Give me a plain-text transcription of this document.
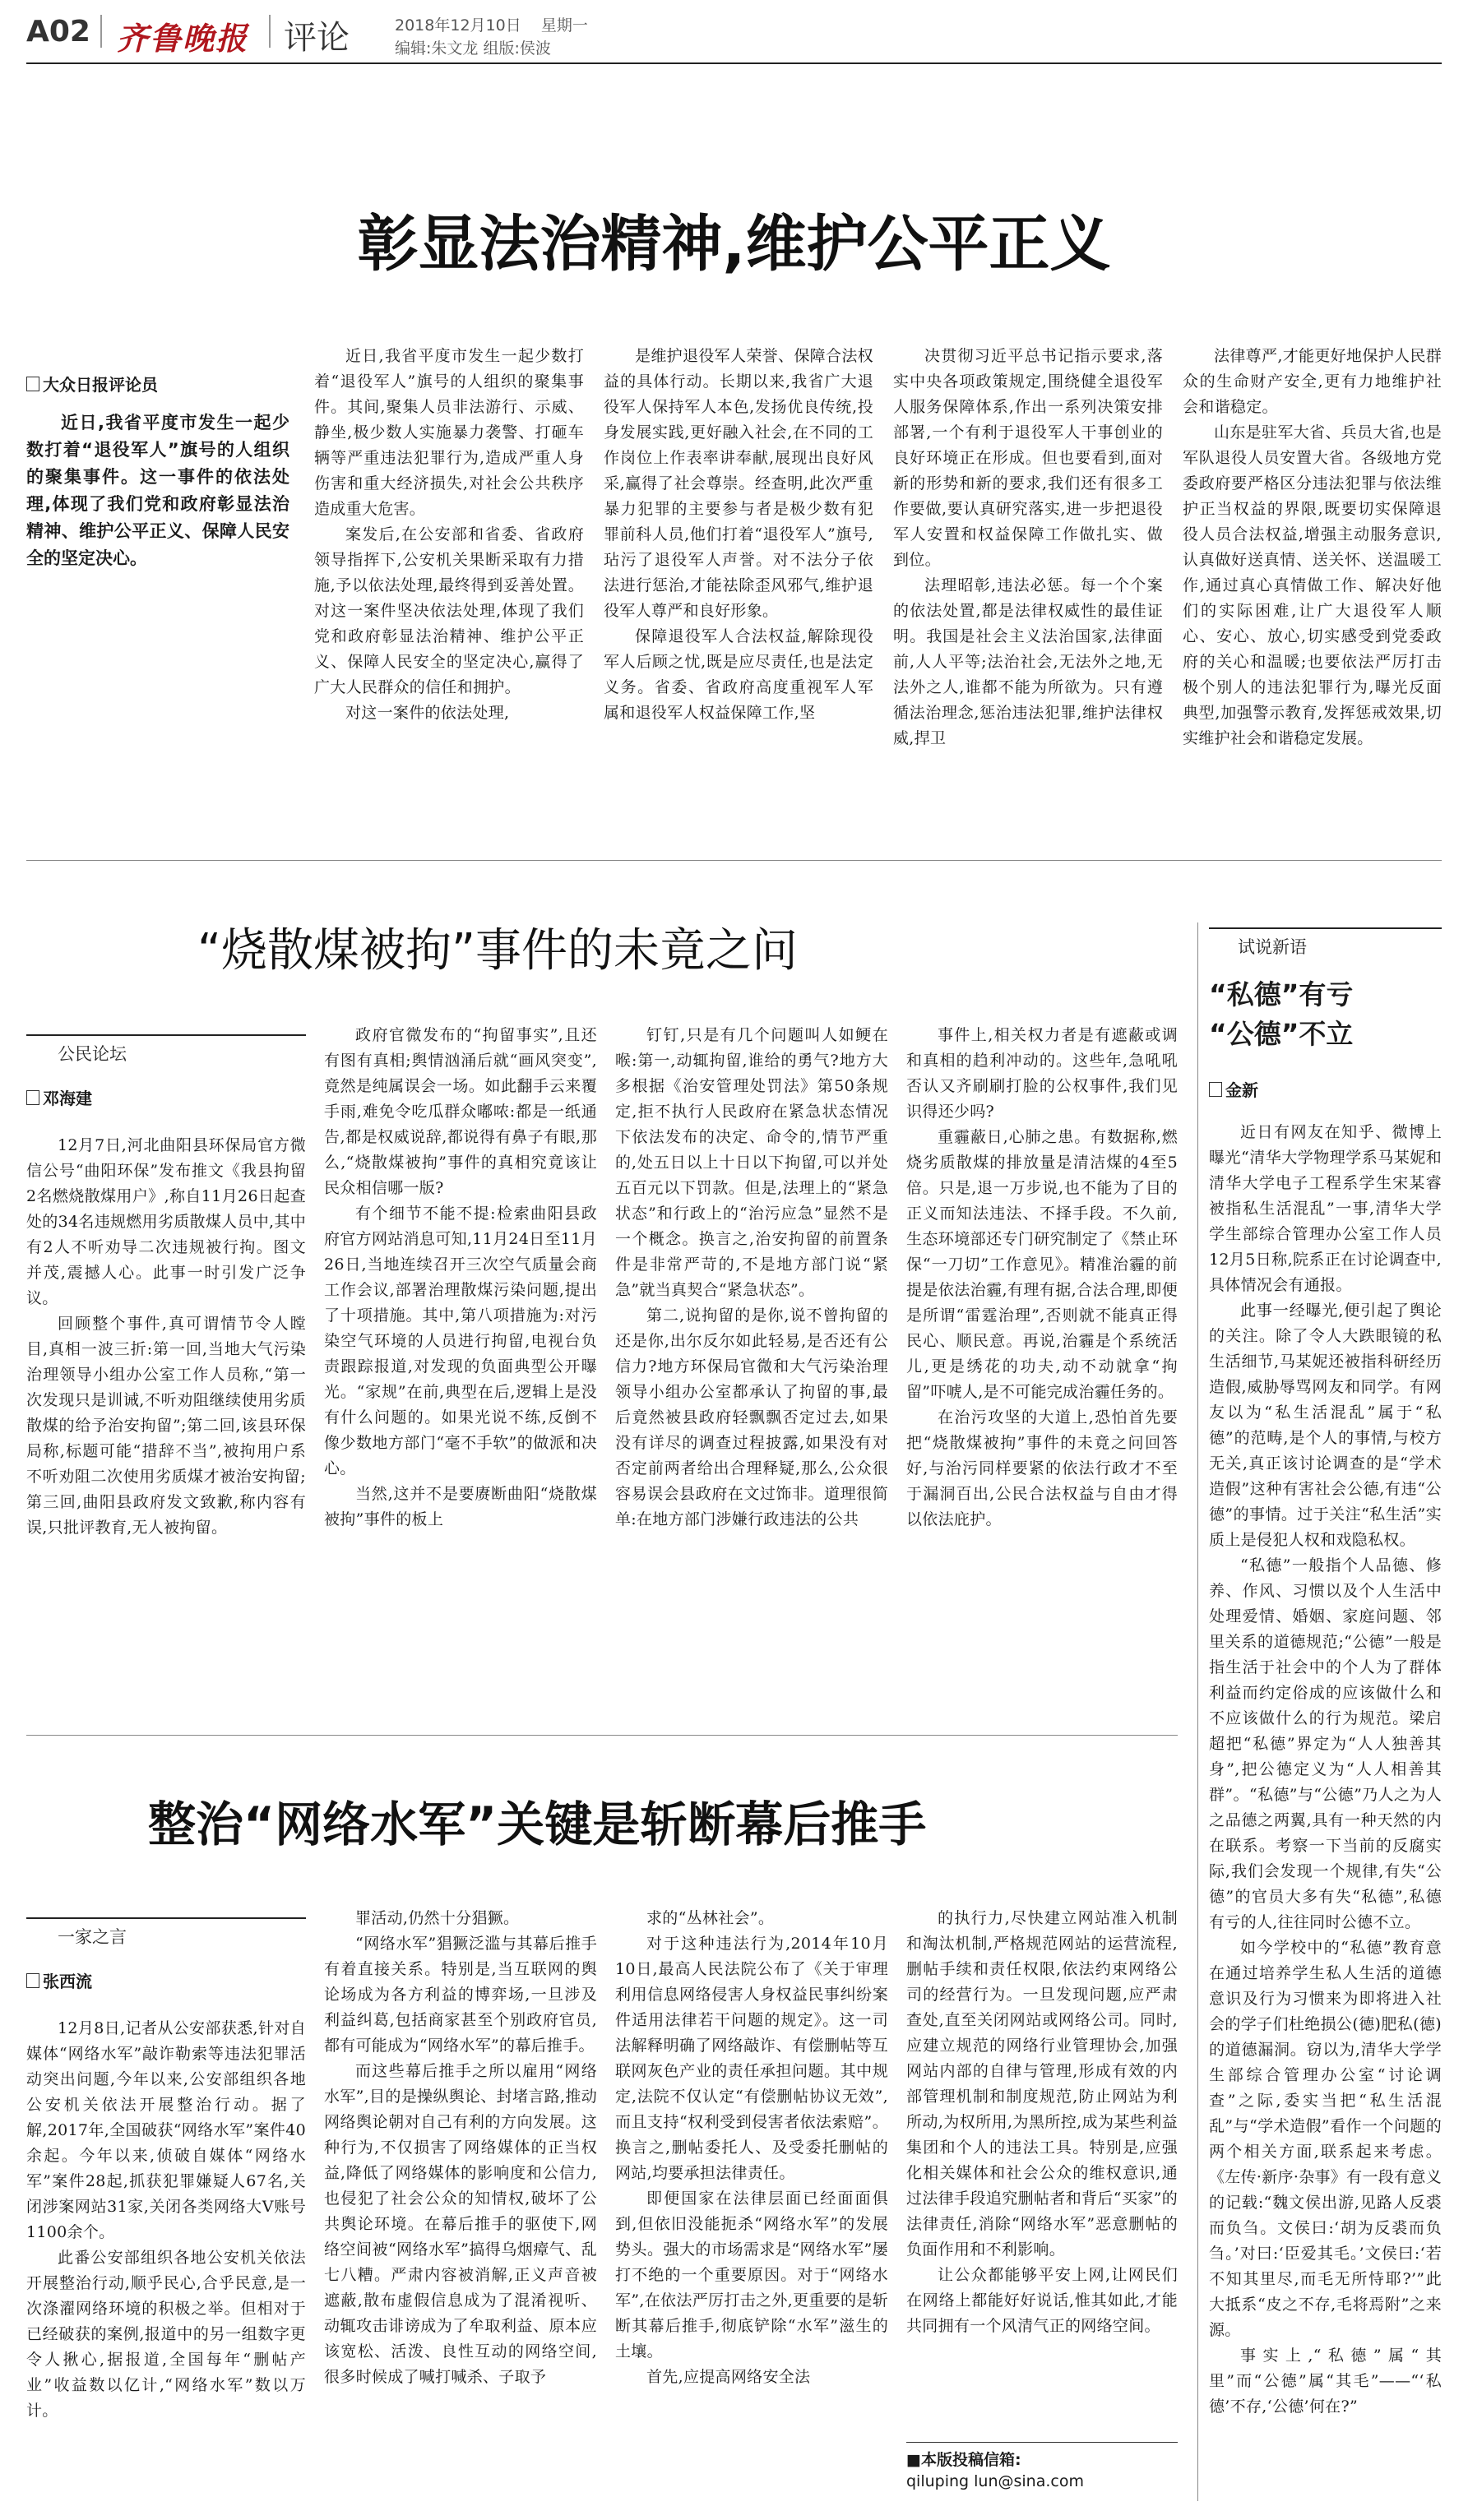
A02 齐鲁晚报 评论	2018年12月10日 星期一
编辑:朱文龙 组版:侯波
彰显法治精神,维护公平正义
大众日报评论员

近日,我省平度市发生一起少数打着“退役军人”旗号的人组织的聚集事件。这一事件的依法处理,体现了我们党和政府彰显法治精神、维护公平正义、保障人民安全的坚定决心。

近日,我省平度市发生一起少数打着“退役军人”旗号的人组织的聚集事件。其间,聚集人员非法游行、示威、静坐,极少数人实施暴力袭警、打砸车辆等严重违法犯罪行为,造成严重人身伤害和重大经济损失,对社会公共秩序造成重大危害。

案发后,在公安部和省委、省政府领导指挥下,公安机关果断采取有力措施,予以依法处理,最终得到妥善处置。对这一案件坚决依法处理,体现了我们党和政府彰显法治精神、维护公平正义、保障人民安全的坚定决心,赢得了广大人民群众的信任和拥护。

对这一案件的依法处理,

是维护退役军人荣誉、保障合法权益的具体行动。长期以来,我省广大退役军人保持军人本色,发扬优良传统,投身发展实践,更好融入社会,在不同的工作岗位上作表率讲奉献,展现出良好风采,赢得了社会尊崇。经查明,此次严重暴力犯罪的主要参与者是极少数有犯罪前科人员,他们打着“退役军人”旗号,玷污了退役军人声誉。对不法分子依法进行惩治,才能祛除歪风邪气,维护退役军人尊严和良好形象。

保障退役军人合法权益,解除现役军人后顾之忧,既是应尽责任,也是法定义务。省委、省政府高度重视军人军属和退役军人权益保障工作,坚

决贯彻习近平总书记指示要求,落实中央各项政策规定,围绕健全退役军人服务保障体系,作出一系列决策安排部署,一个有利于退役军人干事创业的良好环境正在形成。但也要看到,面对新的形势和新的要求,我们还有很多工作要做,要认真研究落实,进一步把退役军人安置和权益保障工作做扎实、做到位。

法理昭彰,违法必惩。每一个个案的依法处置,都是法律权威性的最佳证明。我国是社会主义法治国家,法律面前,人人平等;法治社会,无法外之地,无法外之人,谁都不能为所欲为。只有遵循法治理念,惩治违法犯罪,维护法律权威,捍卫

法律尊严,才能更好地保护人民群众的生命财产安全,更有力地维护社会和谐稳定。

山东是驻军大省、兵员大省,也是军队退役人员安置大省。各级地方党委政府要严格区分违法犯罪与依法维护正当权益的界限,既要切实保障退役人员合法权益,增强主动服务意识,认真做好送真情、送关怀、送温暖工作,通过真心真情做工作、解决好他们的实际困难,让广大退役军人顺心、安心、放心,切实感受到党委政府的关心和温暖;也要依法严厉打击极个别人的违法犯罪行为,曝光反面典型,加强警示教育,发挥惩戒效果,切实维护社会和谐稳定发展。

“烧散煤被拘”事件的未竟之问
公民论坛
邓海建

12月7日,河北曲阳县环保局官方微信公号“曲阳环保”发布推文《我县拘留2名燃烧散煤用户》,称自11月26日起查处的34名违规燃用劣质散煤人员中,其中有2人不听劝导二次违规被行拘。图文并茂,震撼人心。此事一时引发广泛争议。

回顾整个事件,真可谓情节令人瞠目,真相一波三折:第一回,当地大气污染治理领导小组办公室工作人员称,“第一次发现只是训诫,不听劝阻继续使用劣质散煤的给予治安拘留”;第二回,该县环保局称,标题可能“措辞不当”,被拘用户系不听劝阻二次使用劣质煤才被治安拘留;第三回,曲阳县政府发文致歉,称内容有误,只批评教育,无人被拘留。

政府官微发布的“拘留事实”,且还有图有真相;舆情汹涌后就“画风突变”,竟然是纯属误会一场。如此翻手云来覆手雨,难免令吃瓜群众嘟哝:都是一纸通告,都是权威说辞,都说得有鼻子有眼,那么,“烧散煤被拘”事件的真相究竟该让民众相信哪一版?

有个细节不能不提:检索曲阳县政府官方网站消息可知,11月24日至11月26日,当地连续召开三次空气质量会商工作会议,部署治理散煤污染问题,提出了十项措施。其中,第八项措施为:对污染空气环境的人员进行拘留,电视台负责跟踪报道,对发现的负面典型公开曝光。“家规”在前,典型在后,逻辑上是没有什么问题的。如果光说不练,反倒不像少数地方部门“毫不手软”的做派和决心。

当然,这并不是要赓断曲阳“烧散煤被拘”事件的板上

钉钉,只是有几个问题叫人如鲠在喉:第一,动辄拘留,谁给的勇气?地方大多根据《治安管理处罚法》第50条规定,拒不执行人民政府在紧急状态情况下依法发布的决定、命令的,情节严重的,处五日以上十日以下拘留,可以并处五百元以下罚款。但是,法理上的“紧急状态”和行政上的“治污应急”显然不是一个概念。换言之,治安拘留的前置条件是非常严苛的,不是地方部门说“紧急”就当真契合“紧急状态”。

第二,说拘留的是你,说不曾拘留的还是你,出尔反尔如此轻易,是否还有公信力?地方环保局官微和大气污染治理领导小组办公室都承认了拘留的事,最后竟然被县政府轻飘飘否定过去,如果没有详尽的调查过程披露,如果没有对否定前两者给出合理释疑,那么,公众很容易误会县政府在文过饰非。道理很简单:在地方部门涉嫌行政违法的公共

事件上,相关权力者是有遮蔽或调和真相的趋利冲动的。这些年,急吼吼否认又齐刷刷打脸的公权事件,我们见识得还少吗?

重霾蔽日,心肺之患。有数据称,燃烧劣质散煤的排放量是清洁煤的4至5倍。只是,退一万步说,也不能为了目的正义而知法违法、不择手段。不久前,生态环境部还专门研究制定了《禁止环保“一刀切”工作意见》。精准治霾的前提是依法治霾,有理有据,合法合理,即便是所谓“雷霆治理”,否则就不能真正得民心、顺民意。再说,治霾是个系统活儿,更是绣花的功夫,动不动就拿“拘留”吓唬人,是不可能完成治霾任务的。

在治污攻坚的大道上,恐怕首先要把“烧散煤被拘”事件的未竟之问回答好,与治污同样要紧的依法行政才不至于漏洞百出,公民合法权益与自由才得以依法庇护。

整治“网络水军”关键是斩断幕后推手
一家之言
张西流

12月8日,记者从公安部获悉,针对自媒体“网络水军”敲诈勒索等违法犯罪活动突出问题,今年以来,公安部组织各地公安机关依法开展整治行动。据了解,2017年,全国破获“网络水军”案件40余起。今年以来,侦破自媒体“网络水军”案件28起,抓获犯罪嫌疑人67名,关闭涉案网站31家,关闭各类网络大V账号1100余个。

此番公安部组织各地公安机关依法开展整治行动,顺乎民心,合乎民意,是一次涤濯网络环境的积极之举。但相对于已经破获的案例,报道中的另一组数字更令人揪心,据报道,全国每年“删帖产业”收益数以亿计,“网络水军”数以万计。

罪活动,仍然十分猖獗。

“网络水军”猖獗泛滥与其幕后推手有着直接关系。特别是,当互联网的舆论场成为各方利益的博弈场,一旦涉及利益纠葛,包括商家甚至个别政府官员,都有可能成为“网络水军”的幕后推手。

而这些幕后推手之所以雇用“网络水军”,目的是操纵舆论、封堵言路,推动网络舆论朝对自己有利的方向发展。这种行为,不仅损害了网络媒体的正当权益,降低了网络媒体的影响度和公信力,也侵犯了社会公众的知情权,破坏了公共舆论环境。在幕后推手的驱使下,网络空间被“网络水军”搞得乌烟瘴气、乱七八糟。严肃内容被消解,正义声音被遮蔽,散布虚假信息成为了混淆视听、动辄攻击诽谤成为了牟取利益、原本应该宽松、活泼、良性互动的网络空间,很多时候成了喊打喊杀、子取予

求的“丛林社会”。

对于这种违法行为,2014年10月10日,最高人民法院公布了《关于审理利用信息网络侵害人身权益民事纠纷案件适用法律若干问题的规定》。这一司法解释明确了网络敲诈、有偿删帖等互联网灰色产业的责任承担问题。其中规定,法院不仅认定“有偿删帖协议无效”,而且支持“权利受到侵害者依法索赔”。换言之,删帖委托人、及受委托删帖的网站,均要承担法律责任。

即便国家在法律层面已经面面俱到,但依旧没能扼杀“网络水军”的发展势头。强大的市场需求是“网络水军”屡打不绝的一个重要原因。对于“网络水军”,在依法严厉打击之外,更重要的是斩断其幕后推手,彻底铲除“水军”滋生的土壤。

首先,应提高网络安全法

的执行力,尽快建立网站准入机制和淘汰机制,严格规范网站的运营流程,删帖手续和责任权限,依法约束网络公司的经营行为。一旦发现问题,应严肃查处,直至关闭网站或网络公司。同时,应建立规范的网络行业管理协会,加强网站内部的自律与管理,形成有效的内部管理机制和制度规范,防止网站为利所动,为权所用,为黑所控,成为某些利益集团和个人的违法工具。特别是,应强化相关媒体和社会公众的维权意识,通过法律手段追究删帖者和背后“买家”的法律责任,消除“网络水军”恶意删帖的负面作用和不利影响。

让公众都能够平安上网,让网民们在网络上都能好好说话,惟其如此,才能共同拥有一个风清气正的网络空间。

■本版投稿信箱:
qiluping lun@sina.com
试说新语
“私德”有亏
“公德”不立
金新

近日有网友在知乎、微博上曝光“清华大学物理学系马某妮和清华大学电子工程系学生宋某睿被指私生活混乱”一事,清华大学学生部综合管理办公室工作人员12月5日称,院系正在讨论调查中,具体情况会有通报。

此事一经曝光,便引起了舆论的关注。除了令人大跌眼镜的私生活细节,马某妮还被指科研经历造假,威胁辱骂网友和同学。有网友以为“私生活混乱”属于“私德”的范畴,是个人的事情,与校方无关,真正该讨论调查的是“学术造假”这种有害社会公德,有违“公德”的事情。过于关注“私生活”实质上是侵犯人权和戏隐私权。

“私德”一般指个人品德、修养、作风、习惯以及个人生活中处理爱情、婚姻、家庭问题、邻里关系的道德规范;“公德”一般是指生活于社会中的个人为了群体利益而约定俗成的应该做什么和不应该做什么的行为规范。梁启超把“私德”界定为“人人独善其身”,把公德定义为“人人相善其群”。“私德”与“公德”乃人之为人之品德之两翼,具有一种天然的内在联系。考察一下当前的反腐实际,我们会发现一个规律,有失“公德”的官员大多有失“私德”,私德有亏的人,往往同时公德不立。

如今学校中的“私德”教育意在通过培养学生私人生活的道德意识及行为习惯来为即将进入社会的学子们杜绝损公(德)肥私(德)的道德漏洞。窃以为,清华大学学生部综合管理办公室“讨论调查”之际,委实当把“私生活混乱”与“学术造假”看作一个问题的两个相关方面,联系起来考虑。《左传·新序·杂事》有一段有意义的记载:“魏文侯出游,见路人反裘而负刍。文侯曰:‘胡为反裘而负刍。’对曰:‘臣爱其毛。’文侯曰:‘若不知其里尽,而毛无所恃耶?’”此大抵系“皮之不存,毛将焉附”之来源。

事实上,“私德”属“其里”而“公德”属“其毛”——“‘私德’不存,‘公德’何在?”
